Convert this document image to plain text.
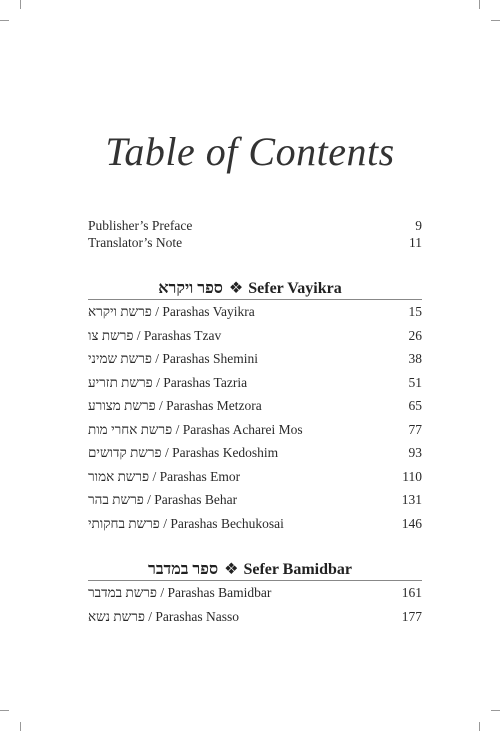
Table of Contents
Publisher’s Preface	9
Translator’s Note	11
ספר ויקרא ❖ Sefer Vayikra
פרשת ויקרא / Parashas Vayikra	15
פרשת צו / Parashas Tzav	26
פרשת שמיני / Parashas Shemini	38
פרשת תזריע / Parashas Tazria	51
פרשת מצורע / Parashas Metzora	65
פרשת אחרי מות / Parashas Acharei Mos	77
פרשת קדושים / Parashas Kedoshim	93
פרשת אמור / Parashas Emor	110
פרשת בהר / Parashas Behar	131
פרשת בחקותי / Parashas Bechukosai	146
ספר במדבר ❖ Sefer Bamidbar
פרשת במדבר / Parashas Bamidbar	161
פרשת נשא / Parashas Nasso	177
